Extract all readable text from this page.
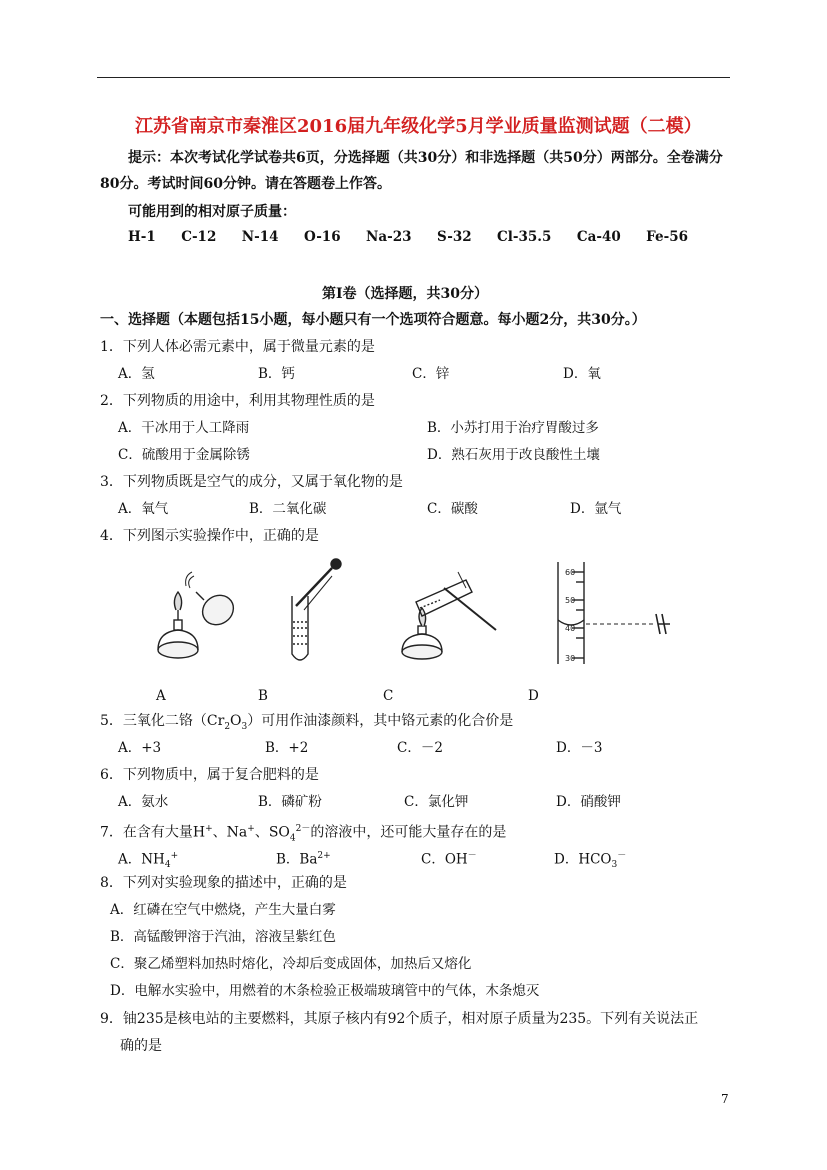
江苏省南京市秦淮区2016届九年级化学5月学业质量监测试题（二模）
提示：本次考试化学试卷共6页，分选择题（共30分）和非选择题（共50分）两部分。全卷满分
80分。考试时间60分钟。请在答题卷上作答。
可能用到的相对原子质量：
H-1 C-12 N-14 O-16 Na-23 S-32 Cl-35.5 Ca-40 Fe-56
第Ⅰ卷（选择题，共30分）
一、选择题（本题包括15小题，每小题只有一个选项符合题意。每小题2分，共30分。）
1．下列人体必需元素中，属于微量元素的是
A．氢	B．钙	C．锌	D．氧
2．下列物质的用途中，利用其物理性质的是
A．干冰用于人工降雨	B．小苏打用于治疗胃酸过多
C．硫酸用于金属除锈	D．熟石灰用于改良酸性土壤
3．下列物质既是空气的成分，又属于氧化物的是
A．氧气	B．二氧化碳	C．碳酸	D．氩气
4．下列图示实验操作中，正确的是
60
50
40
30
A	B	C	D
5．三氧化二铬$(Cr_2O_3)$可用作油漆颜料，其中铬元素的化合价是
A．+3	B．+2	C．－2	D．－3
6．下列物质中，属于复合肥料的是
A．氨水	B．磷矿粉	C．氯化钾	D．硝酸钾
7．在含有大量H+、Na+、$SO_4^{2-}$的溶液中，还可能大量存在的是
A．$NH_4^+$	B．$Ba^{2+}$	C．OH－	D．$HCO_3^-$
8．下列对实验现象的描述中，正确的是
A．红磷在空气中燃烧，产生大量白雾
B．高锰酸钾溶于汽油，溶液呈紫红色
C．聚乙烯塑料加热时熔化，冷却后变成固体，加热后又熔化
D．电解水实验中，用燃着的木条检验正极端玻璃管中的气体，木条熄灭
9．铀235是核电站的主要燃料，其原子核内有92个质子，相对原子质量为235。下列有关说法正
确的是
7
